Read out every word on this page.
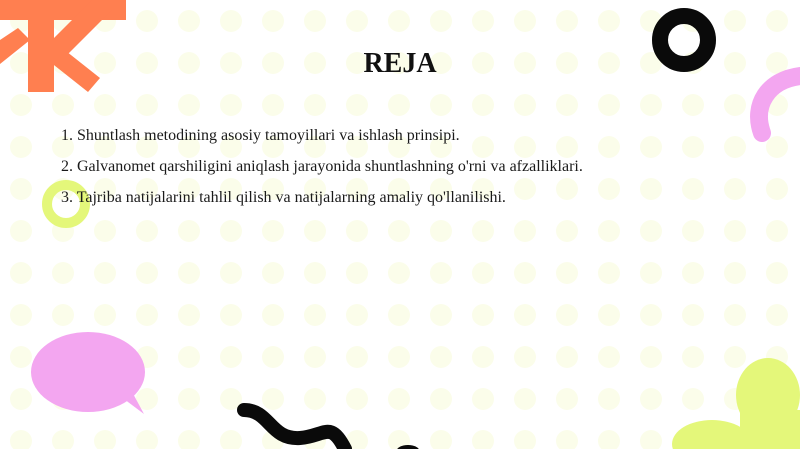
REJA
1. Shuntlash metodining asosiy tamoyillari va ishlash prinsipi.
2. Galvanomet qarshiligini aniqlash jarayonida shuntlashning o'rni va afzalliklari.
3. Tajriba natijalarini tahlil qilish va natijalarning amaliy qo'llanilishi.
